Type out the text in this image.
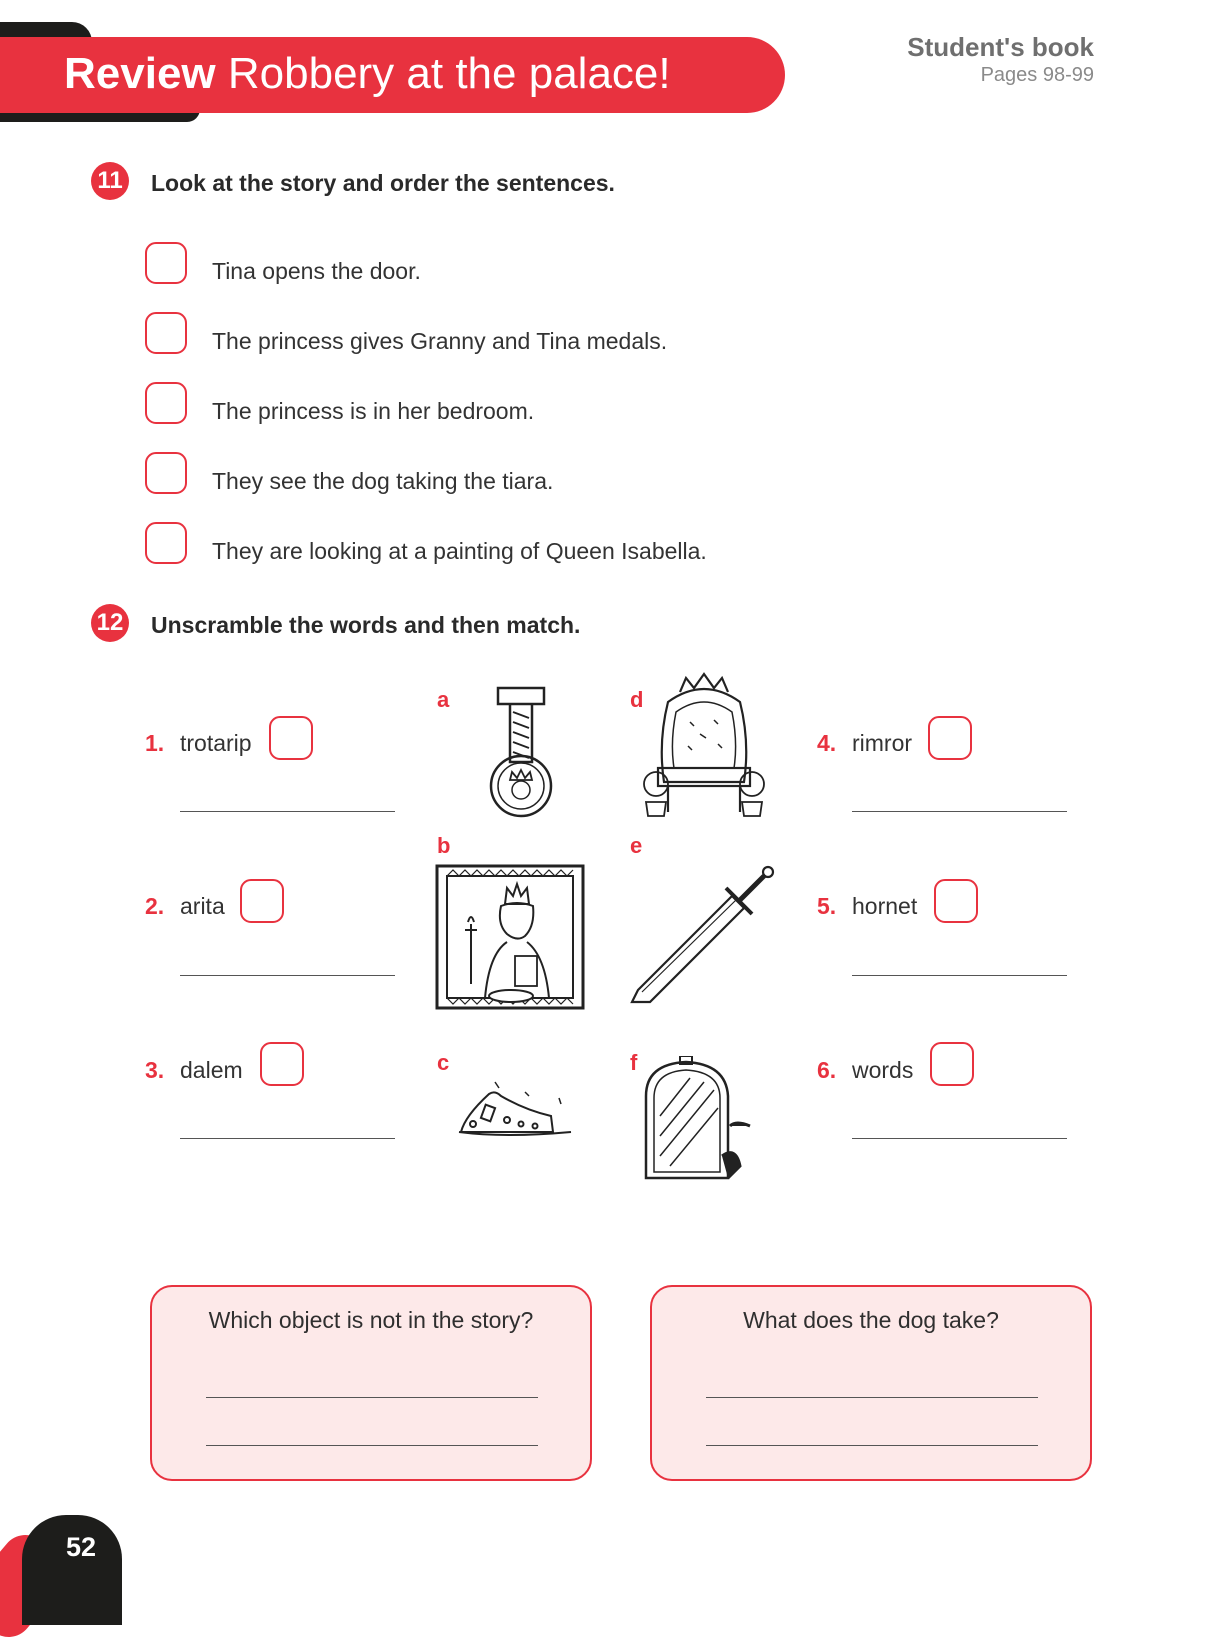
Review Robbery at the palace!
Student's book
Pages 98-99
11 Look at the story and order the sentences.
Tina opens the door.
The princess gives Granny and Tina medals.
The princess is in her bedroom.
They see the dog taking the tiara.
They are looking at a painting of Queen Isabella.
12 Unscramble the words and then match.
1. trotarip
2. arita
3. dalem
4. rimror
5. hornet
6. words
a
b
c
d
e
f
Which object is not in the story?	What does the dog take?
52
